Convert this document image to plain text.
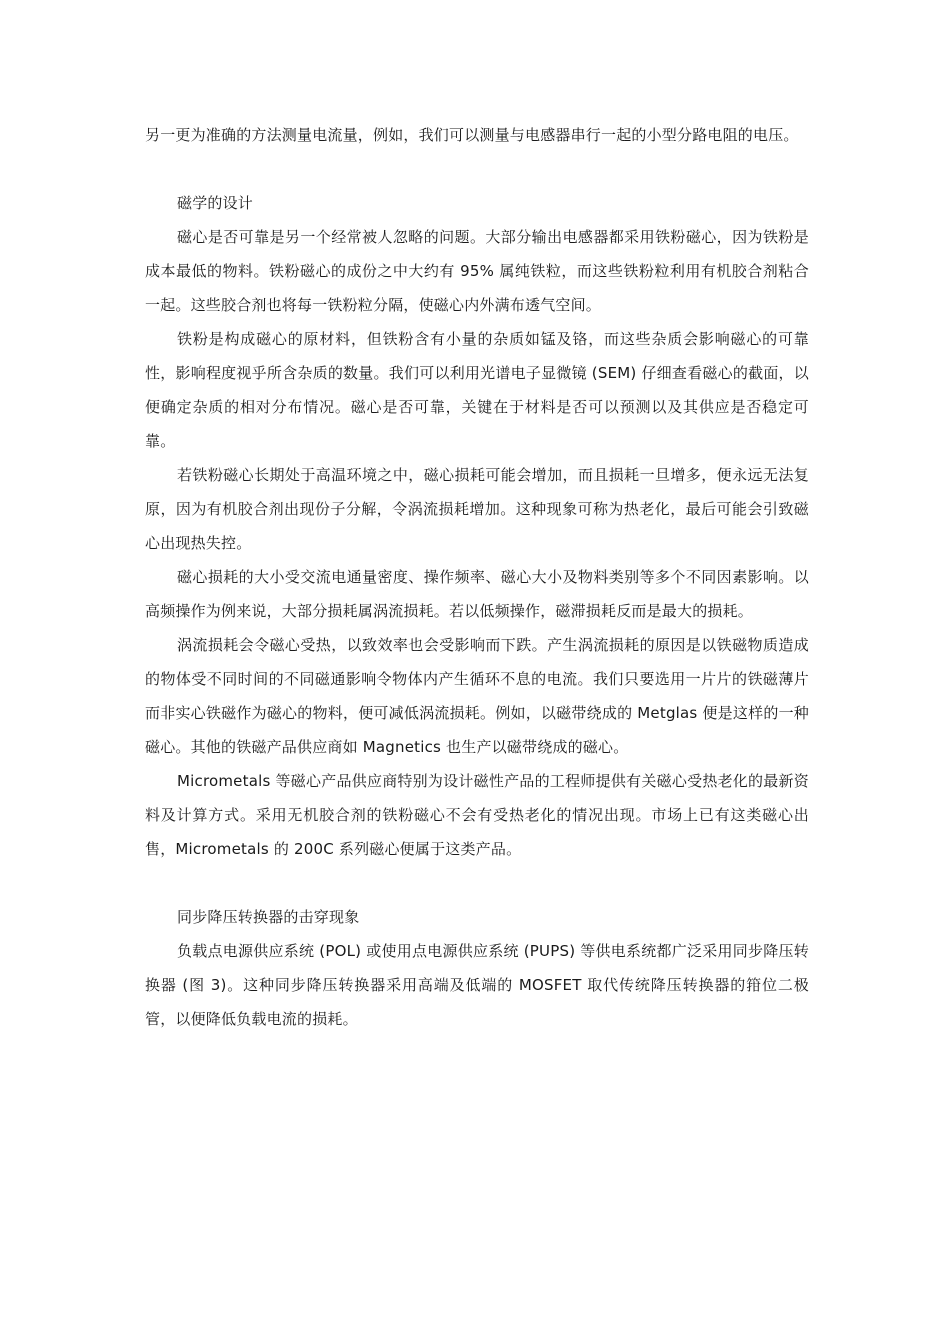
另一更为准确的方法测量电流量，例如，我们可以测量与电感器串行一起的小型分路电阻的电压。

磁学的设计

磁心是否可靠是另一个经常被人忽略的问题。大部分输出电感器都采用铁粉磁心，因为铁粉是成本最低的物料。铁粉磁心的成份之中大约有 95% 属纯铁粒，而这些铁粉粒利用有机胶合剂粘合一起。这些胶合剂也将每一铁粉粒分隔，使磁心内外满布透气空间。

铁粉是构成磁心的原材料，但铁粉含有小量的杂质如锰及铬，而这些杂质会影响磁心的可靠性，影响程度视乎所含杂质的数量。我们可以利用光谱电子显微镜 (SEM) 仔细查看磁心的截面，以便确定杂质的相对分布情况。磁心是否可靠，关键在于材料是否可以预测以及其供应是否稳定可靠。

若铁粉磁心长期处于高温环境之中，磁心损耗可能会增加，而且损耗一旦增多，便永远无法复原，因为有机胶合剂出现份子分解，令涡流损耗增加。这种现象可称为热老化，最后可能会引致磁心出现热失控。

磁心损耗的大小受交流电通量密度、操作频率、磁心大小及物料类别等多个不同因素影响。以高频操作为例来说，大部分损耗属涡流损耗。若以低频操作，磁滞损耗反而是最大的损耗。

涡流损耗会令磁心受热，以致效率也会受影响而下跌。产生涡流损耗的原因是以铁磁物质造成的物体受不同时间的不同磁通影响令物体内产生循环不息的电流。我们只要选用一片片的铁磁薄片而非实心铁磁作为磁心的物料，便可减低涡流损耗。例如，以磁带绕成的 Metglas 便是这样的一种磁心。其他的铁磁产品供应商如 Magnetics 也生产以磁带绕成的磁心。

Micrometals 等磁心产品供应商特别为设计磁性产品的工程师提供有关磁心受热老化的最新资料及计算方式。采用无机胶合剂的铁粉磁心不会有受热老化的情况出现。市场上已有这类磁心出售，Micrometals 的 200C 系列磁心便属于这类产品。

同步降压转换器的击穿现象

负载点电源供应系统 (POL) 或使用点电源供应系统 (PUPS) 等供电系统都广泛采用同步降压转换器 (图 3)。这种同步降压转换器采用高端及低端的 MOSFET 取代传统降压转换器的箝位二极管，以便降低负载电流的损耗。
